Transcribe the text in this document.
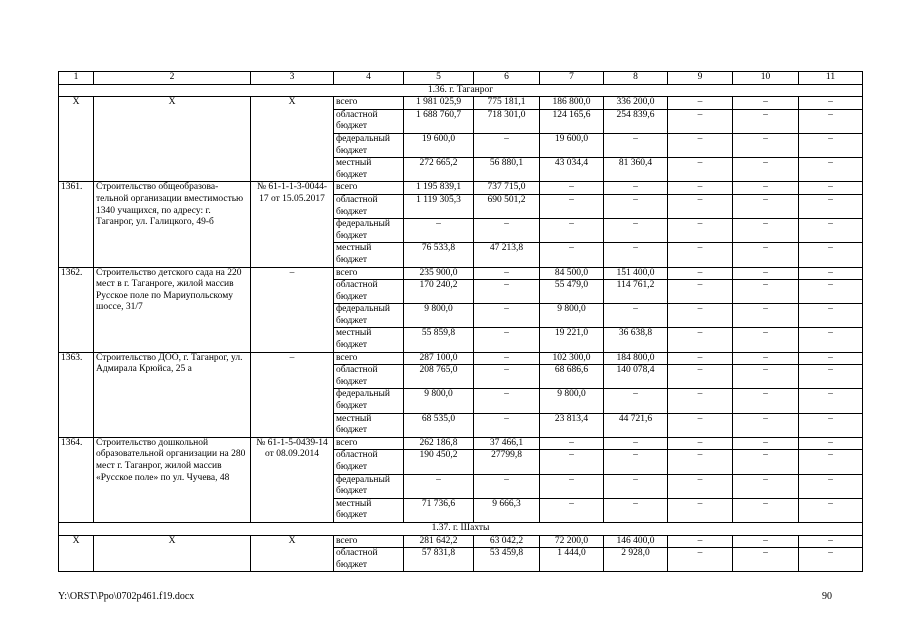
1	2	3	4	5	6	7	8	9	10	11
1.36. г. Таганрог										
Х	Х	Х	всего	1 981 025,9	775 181,1	186 800,0	336 200,0	–	–	–
			областной бюджет	1 688 760,7	718 301,0	124 165,6	254 839,6	–	–	–
			федеральный бюджет	19 600,0	–	19 600,0	–	–	–	–
			местный бюджет	272 665,2	56 880,1	43 034,4	81 360,4	–	–	–
1361.	Строительство общеобразова-тельной организации вместимостью 1340 учащихся, по адресу: г. Таганрог, ул. Галицкого, 49-б	№ 61-1-1-3-0044-17 от 15.05.2017	всего	1 195 839,1	737 715,0	–	–	–	–	–
			областной бюджет	1 119 305,3	690 501,2	–	–	–	–	–
			федеральный бюджет	–	–	–	–	–	–	–
			местный бюджет	76 533,8	47 213,8	–	–	–	–	–
1362.	Строительство детского сада на 220 мест в г. Таганроге, жилой массив Русское поле по Мариупольскому шоссе, 31/7	–	всего	235 900,0	–	84 500,0	151 400,0	–	–	–
			областной бюджет	170 240,2	–	55 479,0	114 761,2	–	–	–
			федеральный бюджет	9 800,0	–	9 800,0	–	–	–	–
			местный бюджет	55 859,8	–	19 221,0	36 638,8	–	–	–
1363.	Строительство ДОО, г. Таганрог, ул. Адмирала Крюйса, 25 а	–	всего	287 100,0	–	102 300,0	184 800,0	–	–	–
			областной бюджет	208 765,0	–	68 686,6	140 078,4	–	–	–
			федеральный бюджет	9 800,0	–	9 800,0	–	–	–	–
			местный бюджет	68 535,0	–	23 813,4	44 721,6	–	–	–
1364.	Строительство дошкольной образовательной организации на 280 мест г. Таганрог, жилой массив «Русское поле» по ул. Чучева, 48	№ 61-1-5-0439-14 от 08.09.2014	всего	262 186,8	37 466,1	–	–	–	–	–
			областной бюджет	190 450,2	27799,8	–	–	–	–	–
			федеральный бюджет	–	–	–	–	–	–	–
			местный бюджет	71 736,6	9 666,3	–	–	–	–	–
1.37. г. Шахты										
Х	Х	Х	всего	281 642,2	63 042,2	72 200,0	146 400,0	–	–	–
			областной бюджет	57 831,8	53 459,8	1 444,0	2 928,0	–	–	–
Y:\ORST\Ppo\0702p461.f19.docx	90
